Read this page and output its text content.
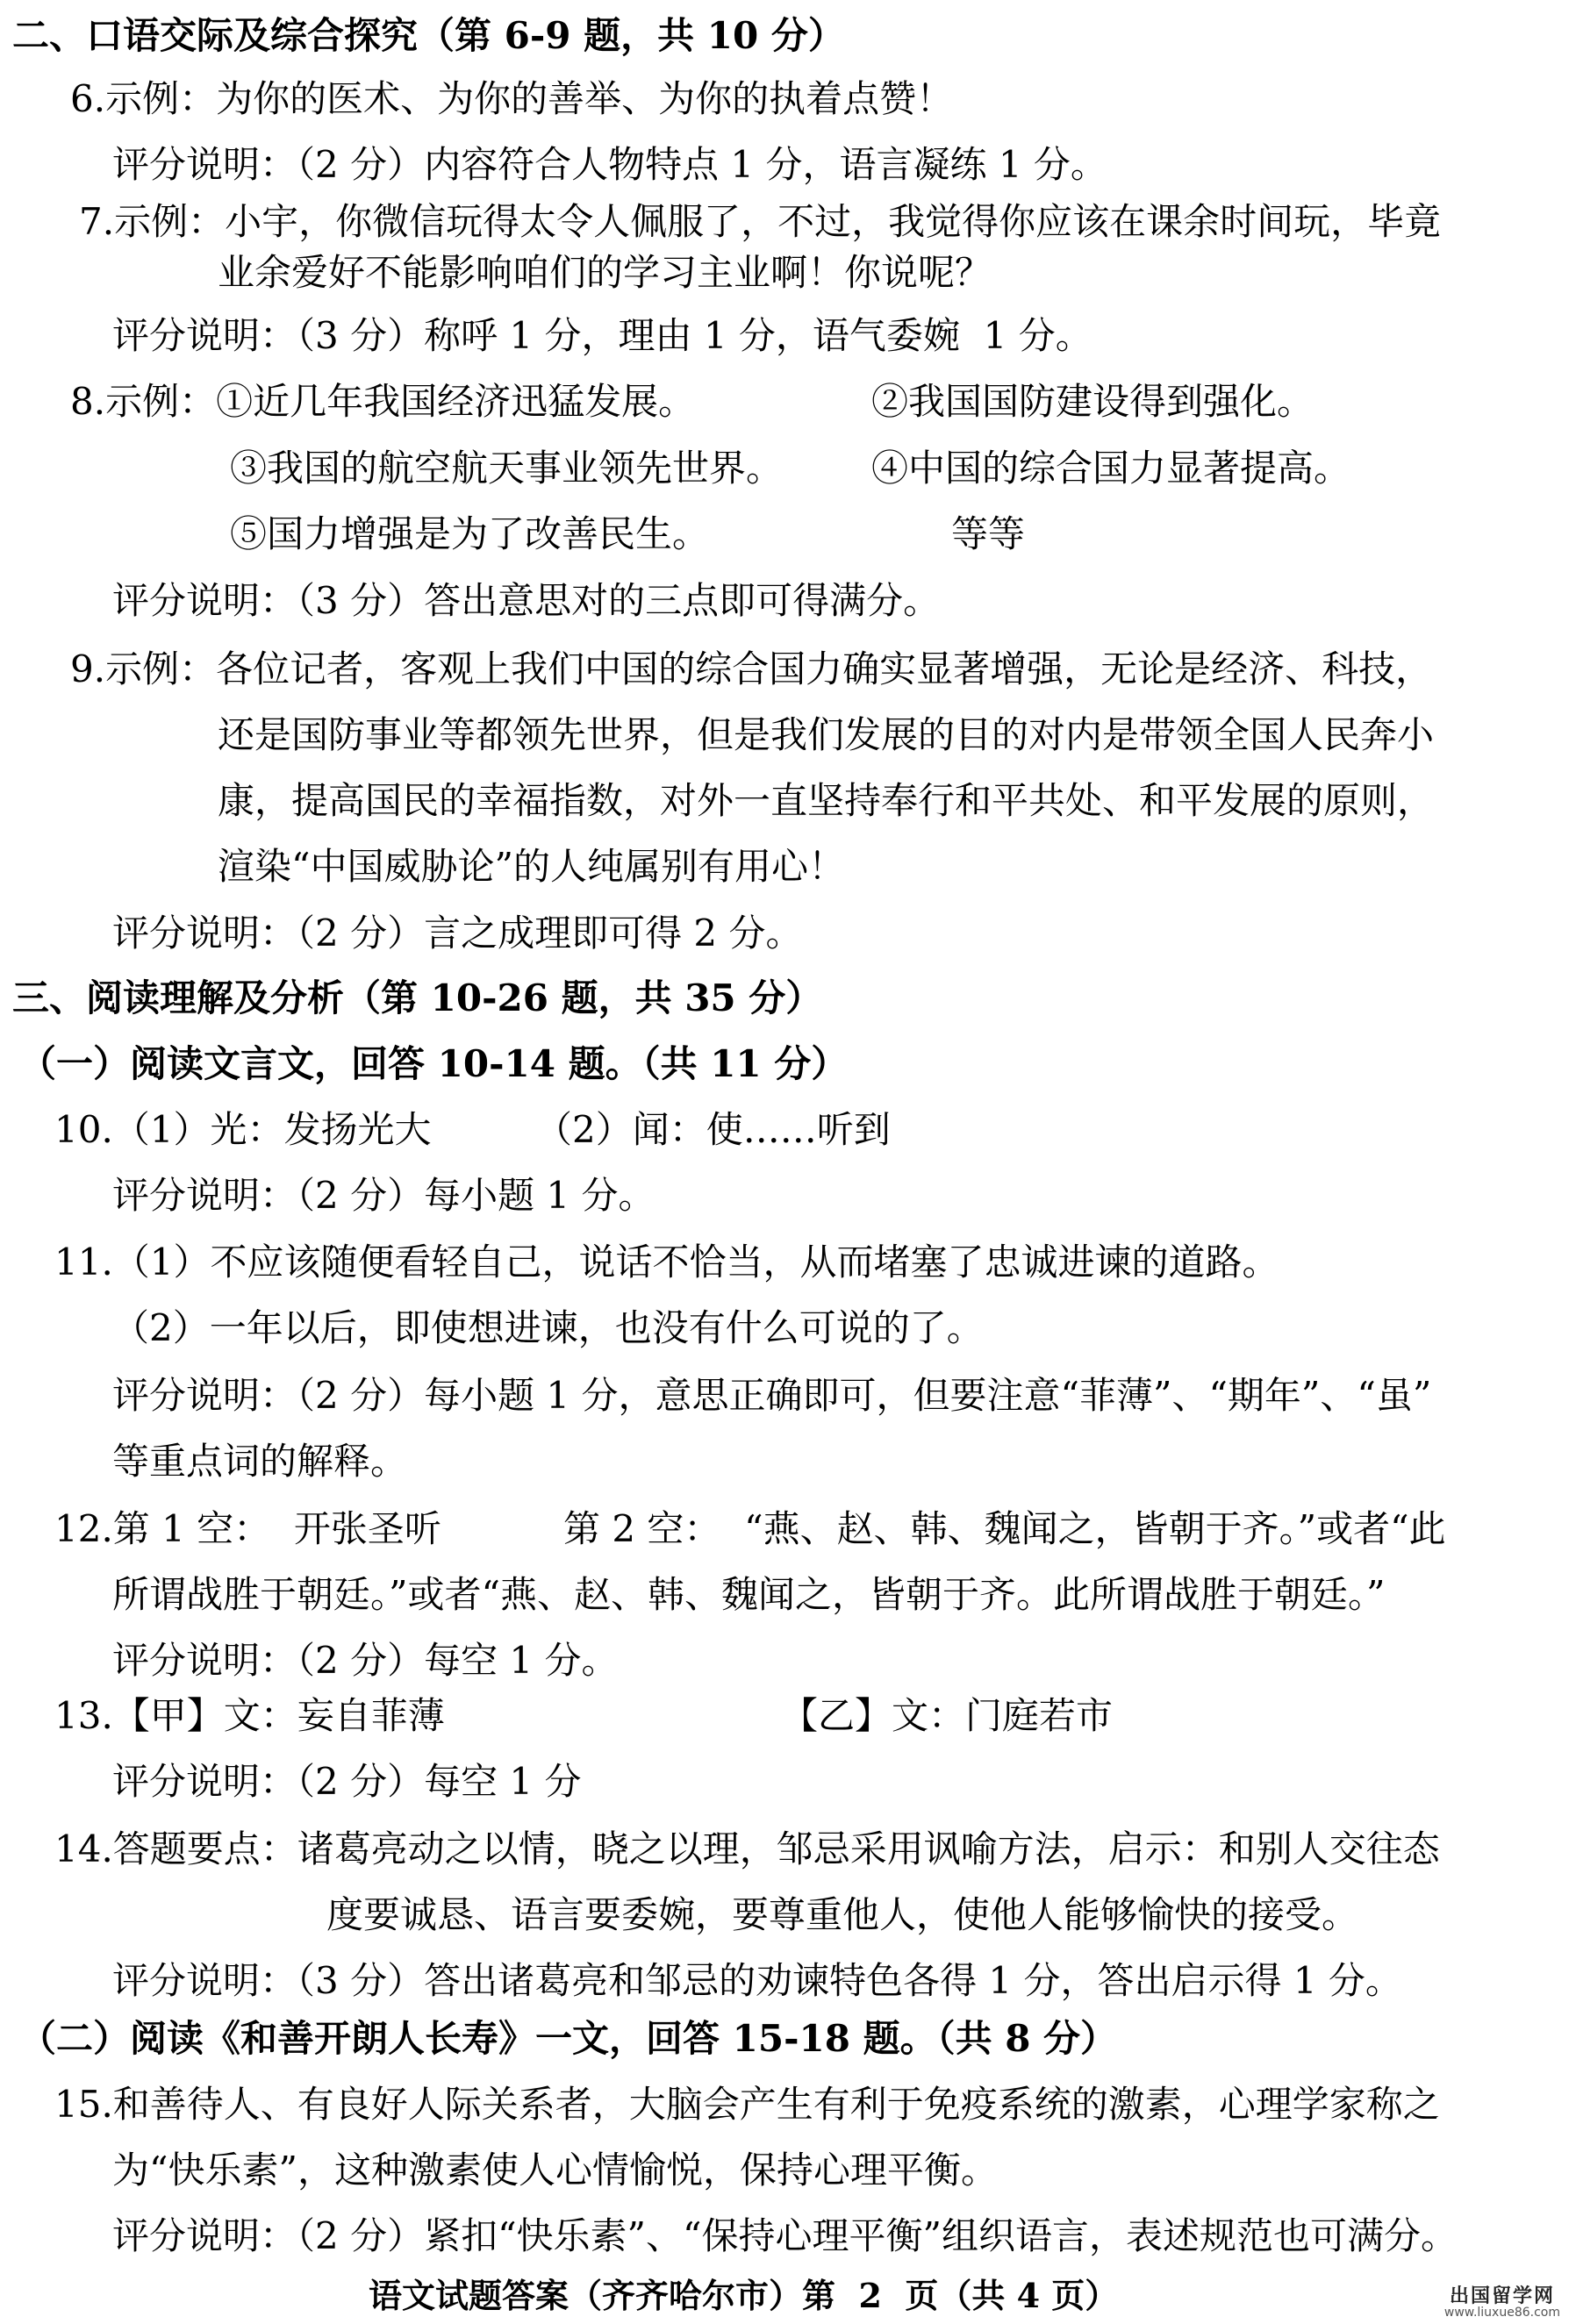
二、口语交际及综合探究（第 6-9 题，共 10 分）
6.示例：为你的医术、为你的善举、为你的执着点赞！
评分说明：（2 分）内容符合人物特点 1 分，语言凝练 1 分。
7.示例：小宇，你微信玩得太令人佩服了，不过，我觉得你应该在课余时间玩，毕竟
业余爱好不能影响咱们的学习主业啊！你说呢？
评分说明：（3 分）称呼 1 分，理由 1 分，语气委婉  1 分。
8.示例：①近几年我国经济迅猛发展。	②我国国防建设得到强化。
③我国的航空航天事业领先世界。 ④中国的综合国力显著提高。
⑤国力增强是为了改善民生。	等等
评分说明：（3 分）答出意思对的三点即可得满分。
9.示例：各位记者，客观上我们中国的综合国力确实显著增强，无论是经济、科技，
还是国防事业等都领先世界，但是我们发展的目的对内是带领全国人民奔小
康，提高国民的幸福指数，对外一直坚持奉行和平共处、和平发展的原则，
渲染“中国威胁论”的人纯属别有用心！
评分说明：（2 分）言之成理即可得 2 分。
三、阅读理解及分析（第 10-26 题，共 35 分）
（一）阅读文言文，回答 10-14 题。（共 11 分）
10.（1）光：发扬光大	（2）闻：使……听到
评分说明：（2 分）每小题 1 分。
11.（1）不应该随便看轻自己，说话不恰当，从而堵塞了忠诚进谏的道路。
（2）一年以后，即使想进谏，也没有什么可说的了。
评分说明：（2 分）每小题 1 分，意思正确即可，但要注意“菲薄”、“期年”、“虽”
等重点词的解释。
12.第 1 空：  开张圣听	第 2 空：  “燕、赵、韩、魏闻之，皆朝于齐。”或者“此
所谓战胜于朝廷。”或者“燕、赵、韩、魏闻之，皆朝于齐。此所谓战胜于朝廷。”
评分说明：（2 分）每空 1 分。
13.【甲】文：妄自菲薄	【乙】文：门庭若市
评分说明：（2 分）每空 1 分
14.答题要点：诸葛亮动之以情，晓之以理，邹忌采用讽喻方法，启示：和别人交往态
度要诚恳、语言要委婉，要尊重他人，使他人能够愉快的接受。
评分说明：（3 分）答出诸葛亮和邹忌的劝谏特色各得 1 分，答出启示得 1 分。
（二）阅读《和善开朗人长寿》一文，回答 15-18 题。（共 8 分）
15.和善待人、有良好人际关系者，大脑会产生有利于免疫系统的激素，心理学家称之
为“快乐素”，这种激素使人心情愉悦，保持心理平衡。
评分说明：（2 分）紧扣“快乐素”、“保持心理平衡”组织语言，表述规范也可满分。
语文试题答案（齐齐哈尔市）第  2  页（共 4 页）	出国留学网
www.liuxue86.com
